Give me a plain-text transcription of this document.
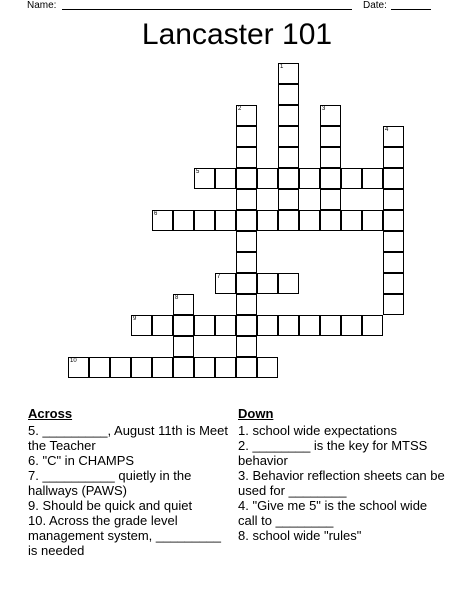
Name:	Date:
Lancaster 101
1
2	3
4
5
6
7
8
9
10
Across
5. _________, August 11th is Meet the Teacher
6. "C" in CHAMPS
7. __________ quietly in the hallways (PAWS)
9. Should be quick and quiet
10. Across the grade level management system, _________ is needed
Down
1. school wide expectations
2. ________ is the key for MTSS behavior
3. Behavior reflection sheets can be used for ________
4. "Give me 5" is the school wide call to ________
8. school wide "rules"
